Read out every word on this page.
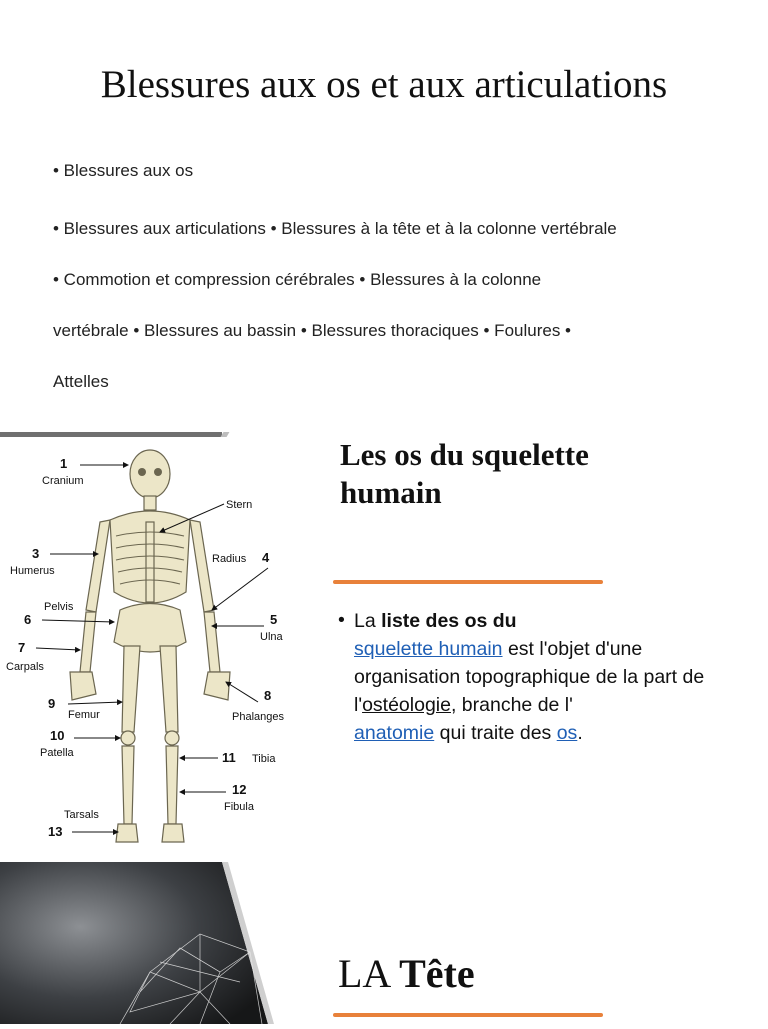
Blessures aux os et aux articulations

• Blessures aux os

• Blessures aux articulations • Blessures à la tête et à la colonne vertébrale

• Commotion et compression cérébrales • Blessures à la colonne

vertébrale • Blessures au bassin • Blessures thoraciques • Foulures •

Attelles

1
Cranium
Stern
3
Humerus
Radius 4
Pelvis
6	5
Ulna
7
Carpals
8
Phalanges
9
Femur
10
Patella	11 Tibia
12
Fibula
Tarsals
13
Les os du squelette humain
• La liste des os du
squelette humain est l'objet d'une organisation topographique de la part de l'ostéologie, branche de l'
anatomie qui traite des os.
LA Tête
